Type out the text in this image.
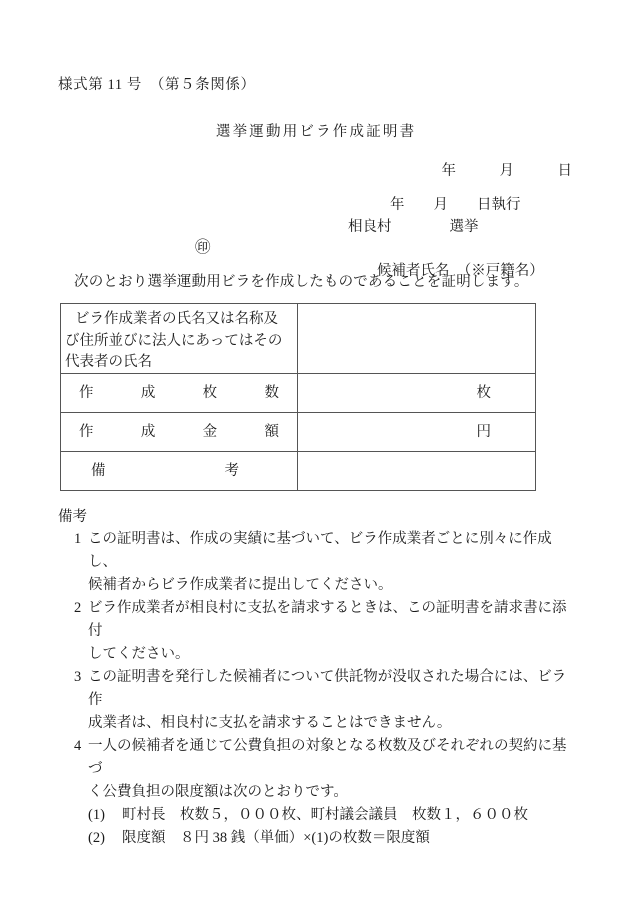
様式第 11 号　（第５条関係）
選挙運動用ビラ作成証明書
年　　　月　　　日
年　　月　　日執行
相良村　　　　選挙

候補者氏名　（※戸籍名）

㊞

次のとおり選挙運動用ビラを作成したものであることを証明します。
ビラ作成業者の氏名又は名称及び住所並びに法人にあってはその代表者の氏名	

作 成 枚 数	枚

作 成 金 額	円

備 考	

備考

1 この証明書は、作成の実績に基づいて、ビラ作成業者ごとに別々に作成し、

候補者からビラ作成業者に提出してください。

2 ビラ作成業者が相良村に支払を請求するときは、この証明書を請求書に添付

してください。

3 この証明書を発行した候補者について供託物が没収された場合には、ビラ作

成業者は、相良村に支払を請求することはできません。

4 一人の候補者を通じて公費負担の対象となる枚数及びそれぞれの契約に基づ

く公費負担の限度額は次のとおりです。

(1)	町村長　枚数５，０００枚、町村議会議員　枚数１，６００枚
(2)	限度額　８円 38 銭（単価）×(1)の枚数＝限度額
